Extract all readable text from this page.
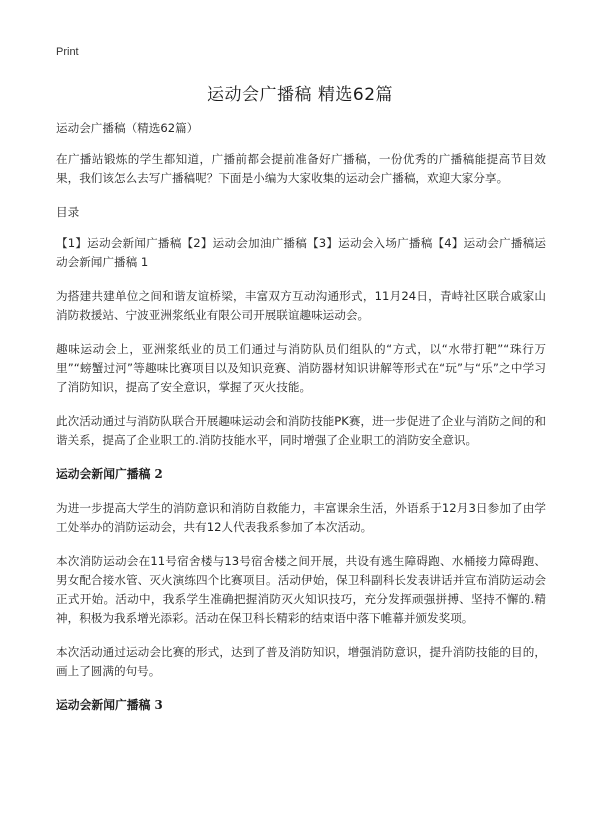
Print
运动会广播稿 精选62篇

运动会广播稿（精选62篇）

在广播站锻炼的学生都知道，广播前都会提前准备好广播稿，一份优秀的广播稿能提高节目效果，我们该怎么去写广播稿呢？下面是小编为大家收集的运动会广播稿，欢迎大家分享。

目录

【1】运动会新闻广播稿【2】运动会加油广播稿【3】运动会入场广播稿【4】运动会广播稿运动会新闻广播稿 1

为搭建共建单位之间和谐友谊桥梁，丰富双方互动沟通形式，11月24日，青峙社区联合戚家山消防救援站、宁波亚洲浆纸业有限公司开展联谊趣味运动会。

趣味运动会上，亚洲浆纸业的员工们通过与消防队员们组队的“方式，以“水带打靶”“珠行万里”“螃蟹过河”等趣味比赛项目以及知识竞赛、消防器材知识讲解等形式在“玩”与“乐”之中学习了消防知识，提高了安全意识，掌握了灭火技能。

此次活动通过与消防队联合开展趣味运动会和消防技能PK赛，进一步促进了企业与消防之间的和谐关系，提高了企业职工的.消防技能水平，同时增强了企业职工的消防安全意识。

运动会新闻广播稿 2

为进一步提高大学生的消防意识和消防自救能力，丰富课余生活，外语系于12月3日参加了由学工处举办的消防运动会，共有12人代表我系参加了本次活动。

本次消防运动会在11号宿舍楼与13号宿舍楼之间开展，共设有逃生障碍跑、水桶接力障碍跑、男女配合接水管、灭火演练四个比赛项目。活动伊始，保卫科副科长发表讲话并宣布消防运动会正式开始。活动中，我系学生准确把握消防灭火知识技巧，充分发挥顽强拼搏、坚持不懈的.精神，积极为我系增光添彩。活动在保卫科长精彩的结束语中落下帷幕并颁发奖项。

本次活动通过运动会比赛的形式，达到了普及消防知识，增强消防意识，提升消防技能的目的，画上了圆满的句号。

运动会新闻广播稿 3
